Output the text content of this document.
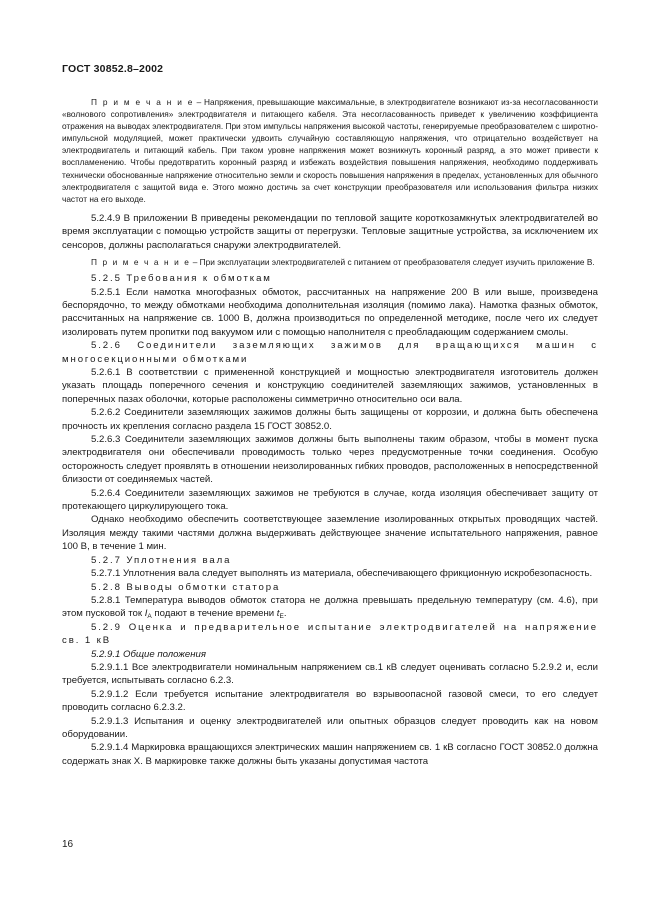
ГОСТ 30852.8–2002

П р и м е ч а н и е – Напряжения, превышающие максимальные, в электродвигателе возникают из-за несогласованности «волнового сопротивления» электродвигателя и питающего кабеля. Эта несогласованность приведет к увеличению коэффициента отражения на выводах электродвигателя. При этом импульсы напряжения высокой частоты, генерируемые преобразователем с широтно-импульсной модуляцией, может практически удвоить случайную составляющую напряжения, что отрицательно воздействует на электродвигатель и питающий кабель. При таком уровне напряжения может возникнуть коронный разряд, а это может привести к воспламенению. Чтобы предотвратить коронный разряд и избежать воздействия повышения напряжения, необходимо поддерживать технически обоснованные напряжение относительно земли и скорость повышения напряжения в пределах, установленных для обычного электродвигателя с защитой вида е. Этого можно достичь за счет конструкции преобразователя или использования фильтра низких частот на его выходе.

5.2.4.9 В приложении В приведены рекомендации по тепловой защите короткозамкнутых электродвигателей во время эксплуатации с помощью устройств защиты от перегрузки. Тепловые защитные устройства, за исключением их сенсоров, должны располагаться снаружи электродвигателей.

П р и м е ч а н и е – При эксплуатации электродвигателей с питанием от преобразователя следует изучить приложение В.

5.2.5 Требования к обмоткам

5.2.5.1 Если намотка многофазных обмоток, рассчитанных на напряжение 200 В или выше, произведена беспорядочно, то между обмотками необходима дополнительная изоляция (помимо лака). Намотка фазных обмоток, рассчитанных на напряжение св. 1000 В, должна производиться по определенной методике, после чего их следует изолировать путем пропитки под вакуумом или с помощью наполнителя с преобладающим содержанием смолы.

5.2.6 Соединители заземляющих зажимов для вращающихся машин с многосекционными обмотками

5.2.6.1 В соответствии с примененной конструкцией и мощностью электродвигателя изготовитель должен указать площадь поперечного сечения и конструкцию соединителей заземляющих зажимов, установленных в поперечных пазах оболочки, которые расположены симметрично относительно оси вала.

5.2.6.2 Соединители заземляющих зажимов должны быть защищены от коррозии, и должна быть обеспечена прочность их крепления согласно раздела 15 ГОСТ 30852.0.

5.2.6.3 Соединители заземляющих зажимов должны быть выполнены таким образом, чтобы в момент пуска электродвигателя они обеспечивали проводимость только через предусмотренные точки соединения. Особую осторожность следует проявлять в отношении неизолированных гибких проводов, расположенных в непосредственной близости от соединяемых частей.

5.2.6.4 Соединители заземляющих зажимов не требуются в случае, когда изоляция обеспечивает защиту от протекающего циркулирующего тока.

Однако необходимо обеспечить соответствующее заземление изолированных открытых проводящих частей. Изоляция между такими частями должна выдерживать действующее значение испытательного напряжения, равное 100 В, в течение 1 мин.

5.2.7 Уплотнения вала

5.2.7.1 Уплотнения вала следует выполнять из материала, обеспечивающего фрикционную искробезопасность.

5.2.8 Выводы обмотки статора

5.2.8.1 Температура выводов обмоток статора не должна превышать предельную температуру (см. 4.6), при этом пусковой ток $I_А$ подают в течение времени $t_Е$.

5.2.9 Оценка и предварительное испытание электродвигателей на напряжение св. 1 кВ

5.2.9.1 Общие положения

5.2.9.1.1 Все электродвигатели номинальным напряжением св.1 кВ следует оценивать согласно 5.2.9.2 и, если требуется, испытывать согласно 6.2.3.

5.2.9.1.2 Если требуется испытание электродвигателя во взрывоопасной газовой смеси, то его следует проводить согласно 6.2.3.2.

5.2.9.1.3 Испытания и оценку электродвигателей или опытных образцов следует проводить как на новом оборудовании.

5.2.9.1.4 Маркировка вращающихся электрических машин напряжением св. 1 кВ согласно ГОСТ 30852.0 должна содержать знак Х. В маркировке также должны быть указаны допустимая частота

16
